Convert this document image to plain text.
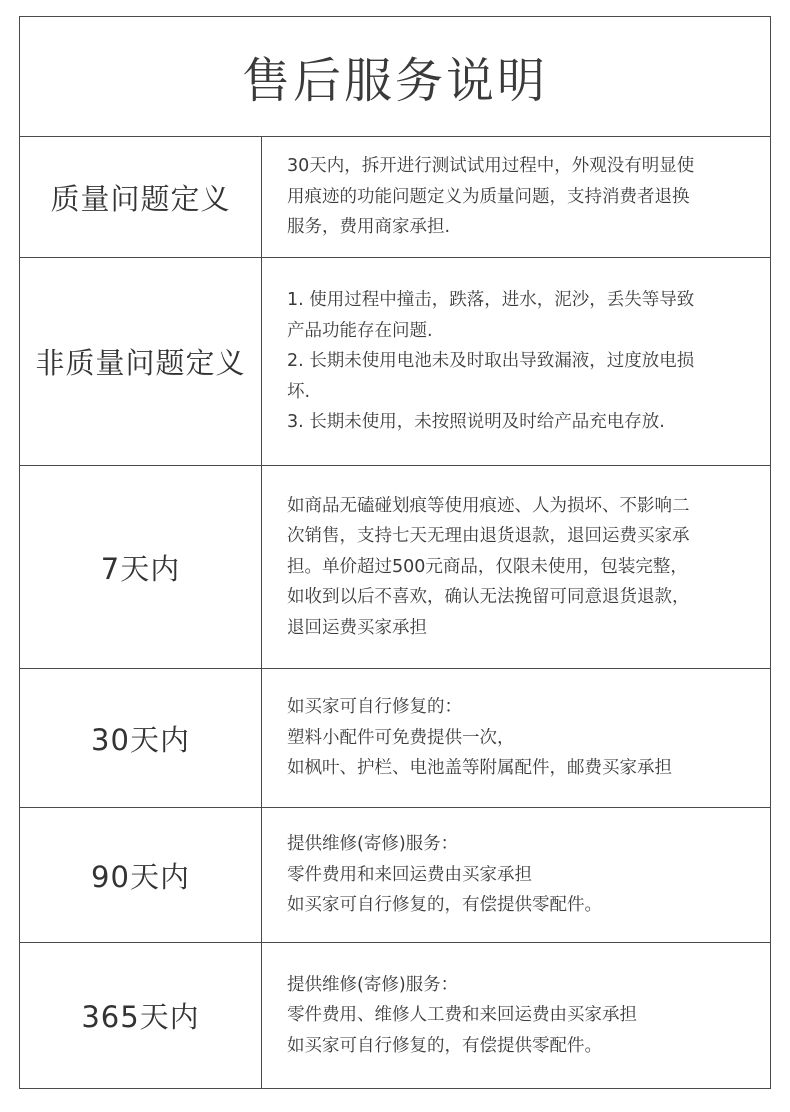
售后服务说明
质量问题定义
30天内，拆开进行测试试用过程中，外观没有明显使
用痕迹的功能问题定义为质量问题，支持消费者退换
服务，费用商家承担.
非质量问题定义
1. 使用过程中撞击，跌落，进水，泥沙，丢失等导致
产品功能存在问题.
2. 长期未使用电池未及时取出导致漏液，过度放电损
坏.
3. 长期未使用，未按照说明及时给产品充电存放.
7天内
如商品无磕碰划痕等使用痕迹、人为损坏、不影响二
次销售，支持七天无理由退货退款，退回运费买家承
担。单价超过500元商品，仅限未使用，包装完整，
如收到以后不喜欢，确认无法挽留可同意退货退款，
退回运费买家承担
30天内
如买家可自行修复的：
塑料小配件可免费提供一次，
如枫叶、护栏、电池盖等附属配件，邮费买家承担
90天内
提供维修(寄修)服务：
零件费用和来回运费由买家承担
如买家可自行修复的，有偿提供零配件。
365天内
提供维修(寄修)服务：
零件费用、维修人工费和来回运费由买家承担
如买家可自行修复的，有偿提供零配件。
